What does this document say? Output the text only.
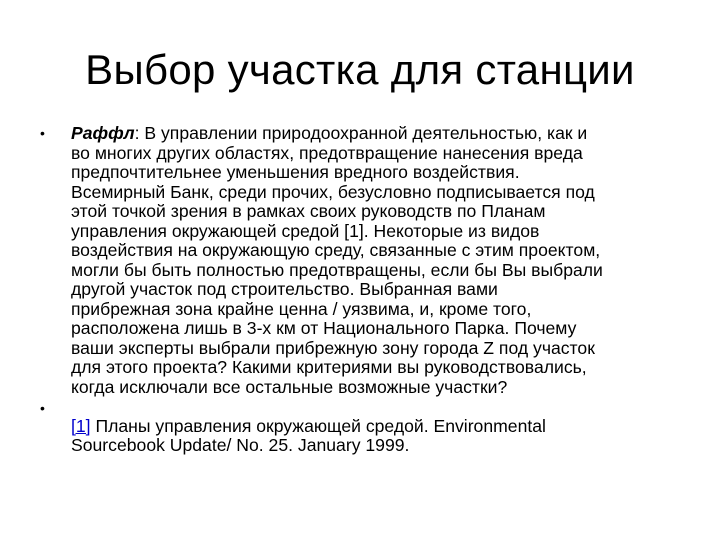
Выбор участка для станции
• Раффл: В управлении природоохранной деятельностью, как и
во многих других областях, предотвращение нанесения вреда
предпочтительнее уменьшения вредного воздействия.
Всемирный Банк, среди прочих, безусловно подписывается под
этой точкой зрения в рамках своих руководств по Планам
управления окружающей средой [1]. Некоторые из видов
воздействия на окружающую среду, связанные с этим проектом,
могли бы быть полностью предотвращены, если бы Вы выбрали
другой участок под строительство. Выбранная вами
прибрежная зона крайне ценна / уязвима, и, кроме того,
расположена лишь в 3-х км от Национального Парка. Почему
ваши эксперты выбрали прибрежную зону города Z под участок
для этого проекта? Какими критериями вы руководствовались,
когда исключали все остальные возможные участки?
•
[1] Планы управления окружающей средой. Environmental
Sourcebook Update/ No. 25. January 1999.
